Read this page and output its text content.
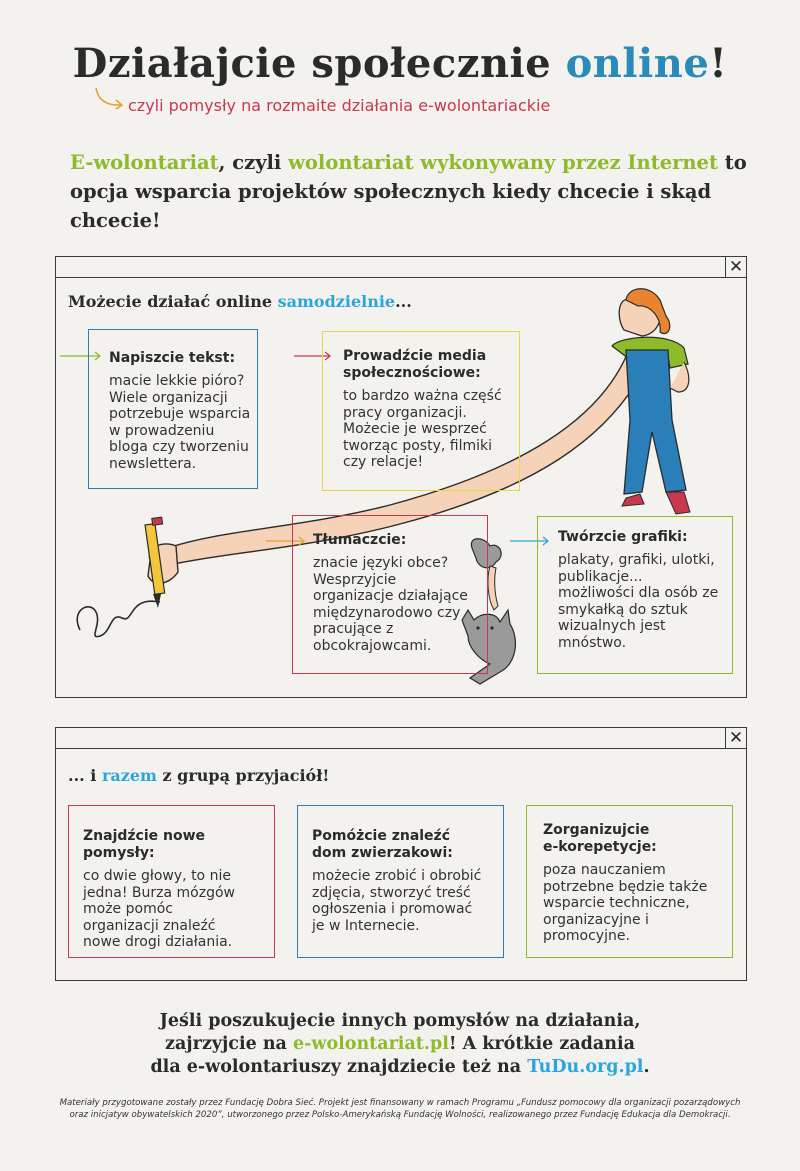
Działajcie społecznie online!
czyli pomysły na rozmaite działania e-wolontariackie
E-wolontariat, czyli wolontariat wykonywany przez Internet to opcja wsparcia projektów społecznych kiedy chcecie i skąd chcecie!
✕
Możecie działać online samodzielnie...
Napiszcie tekst:
macie lekkie pióro? Wiele organizacji potrzebuje wsparcia w prowadzeniu bloga czy tworzeniu newslettera.
Prowadźcie media społecznościowe:
to bardzo ważna część pracy organizacji. Możecie je wesprzeć tworząc posty, filmiki czy relacje!
Tłumaczcie:
znacie języki obce? Wesprzyjcie organizacje działające międzynarodowo czy pracujące z obcokrajowcami.
Twórzcie grafiki:
plakaty, grafiki, ulotki, publikacje... możliwości dla osób ze smykałką do sztuk wizualnych jest mnóstwo.
✕
... i razem z grupą przyjaciół!
Znajdźcie nowe pomysły:
co dwie głowy, to nie jedna! Burza mózgów może pomóc organizacji znaleźć nowe drogi działania.
Pomóżcie znaleźć dom zwierzakowi:
możecie zrobić i obrobić zdjęcia, stworzyć treść ogłoszenia i promować je w Internecie.
Zorganizujcie e-korepetycje:
poza nauczaniem potrzebne będzie także wsparcie techniczne, organizacyjne i promocyjne.
Jeśli poszukujecie innych pomysłów na działania,
zajrzyjcie na e-wolontariat.pl! A krótkie zadania
dla e-wolontariuszy znajdziecie też na TuDu.org.pl.
Materiały przygotowane zostały przez Fundację Dobra Sieć. Projekt jest finansowany w ramach Programu „Fundusz pomocowy dla organizacji pozarządowych
oraz inicjatyw obywatelskich 2020”, utworzonego przez Polsko-Amerykańską Fundację Wolności, realizowanego przez Fundację Edukacja dla Demokracji.
